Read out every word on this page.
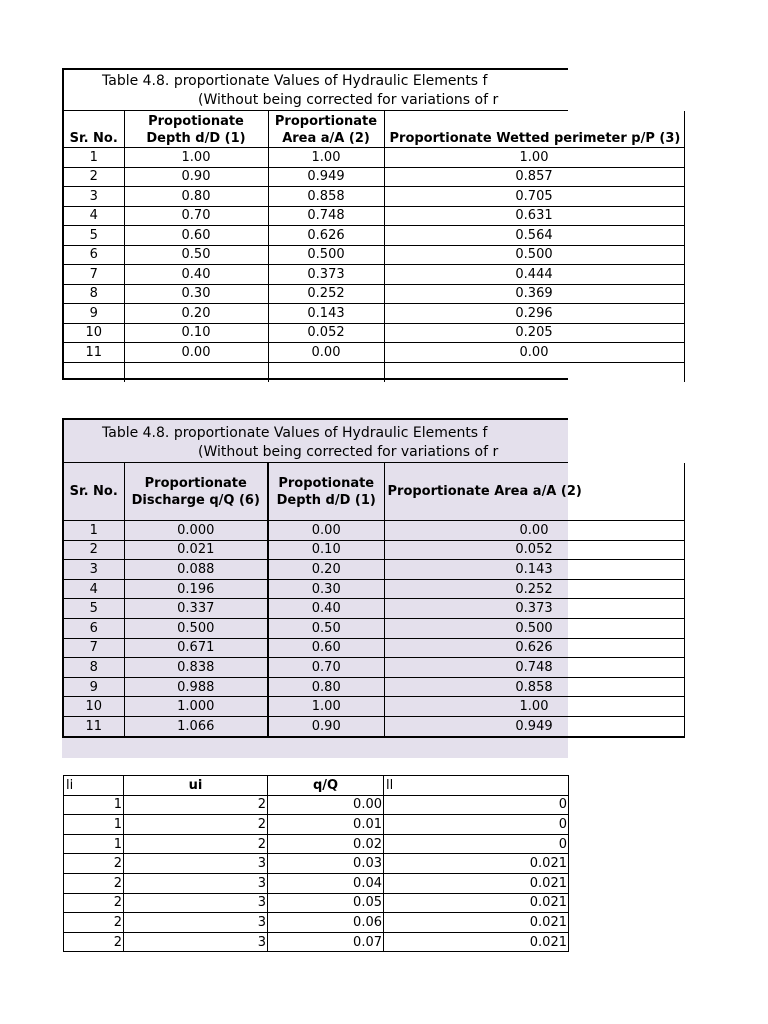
Table 4.8. proportionate Values of Hydraulic Elements f
(Without being corrected for variations of r
Sr. No.	Propotionate Depth d/D (1)	Proportionate Area a/A (2)	Proportionate Wetted perimeter p/P (3)
1	1.00	1.00	1.00
2	0.90	0.949	0.857
3	0.80	0.858	0.705
4	0.70	0.748	0.631
5	0.60	0.626	0.564
6	0.50	0.500	0.500
7	0.40	0.373	0.444
8	0.30	0.252	0.369
9	0.20	0.143	0.296
10	0.10	0.052	0.205
11	0.00	0.00	0.00

Table 4.8. proportionate Values of Hydraulic Elements f
(Without being corrected for variations of r
Sr. No.	Proportionate Discharge q/Q (6)	Propotionate Depth d/D (1)	Proportionate Area a/A (2)
1	0.000	0.00	0.00
2	0.021	0.10	0.052
3	0.088	0.20	0.143
4	0.196	0.30	0.252
5	0.337	0.40	0.373
6	0.500	0.50	0.500
7	0.671	0.60	0.626
8	0.838	0.70	0.748
9	0.988	0.80	0.858
10	1.000	1.00	1.00
11	1.066	0.90	0.949
li	ui	q/Q	ll
1	2	0.00	0
1	2	0.01	0
1	2	0.02	0
2	3	0.03	0.021
2	3	0.04	0.021
2	3	0.05	0.021
2	3	0.06	0.021
2	3	0.07	0.021
